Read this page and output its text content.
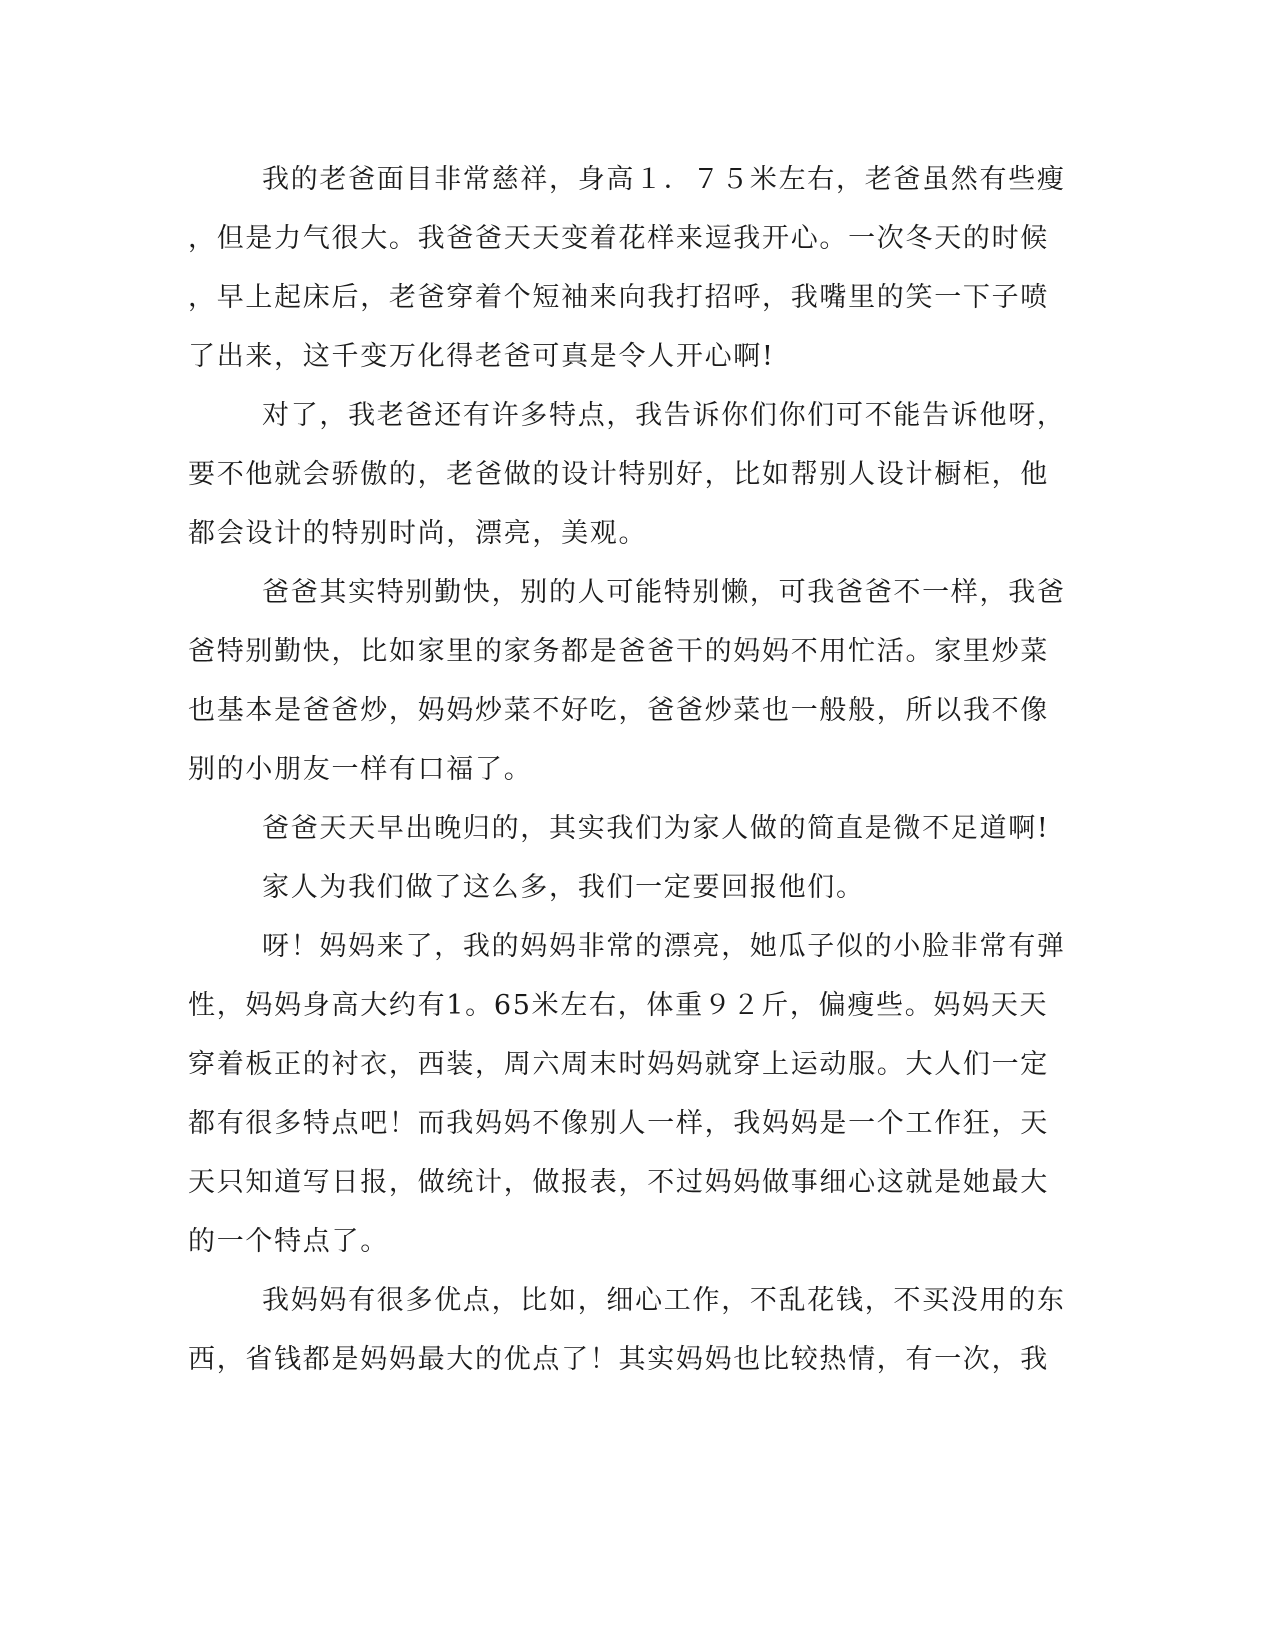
我的老爸面目非常慈祥，身高１．７５米左右，老爸虽然有些瘦
，但是力气很大。我爸爸天天变着花样来逗我开心。一次冬天的时候
，早上起床后，老爸穿着个短袖来向我打招呼，我嘴里的笑一下子喷
了出来，这千变万化得老爸可真是令人开心啊!
对了，我老爸还有许多特点，我告诉你们你们可不能告诉他呀，
要不他就会骄傲的，老爸做的设计特别好，比如帮别人设计橱柜，他
都会设计的特别时尚，漂亮，美观。
爸爸其实特别勤快，别的人可能特别懒，可我爸爸不一样，我爸
爸特别勤快，比如家里的家务都是爸爸干的妈妈不用忙活。家里炒菜
也基本是爸爸炒，妈妈炒菜不好吃，爸爸炒菜也一般般，所以我不像
别的小朋友一样有口福了。
爸爸天天早出晚归的，其实我们为家人做的简直是微不足道啊!
家人为我们做了这么多，我们一定要回报他们。
呀！妈妈来了，我的妈妈非常的漂亮，她瓜子似的小脸非常有弹
性，妈妈身高大约有1。65米左右，体重９２斤，偏瘦些。妈妈天天
穿着板正的衬衣，西装，周六周末时妈妈就穿上运动服。大人们一定
都有很多特点吧！而我妈妈不像别人一样，我妈妈是一个工作狂，天
天只知道写日报，做统计，做报表，不过妈妈做事细心这就是她最大
的一个特点了。
我妈妈有很多优点，比如，细心工作，不乱花钱，不买没用的东
西，省钱都是妈妈最大的优点了！其实妈妈也比较热情，有一次，我
